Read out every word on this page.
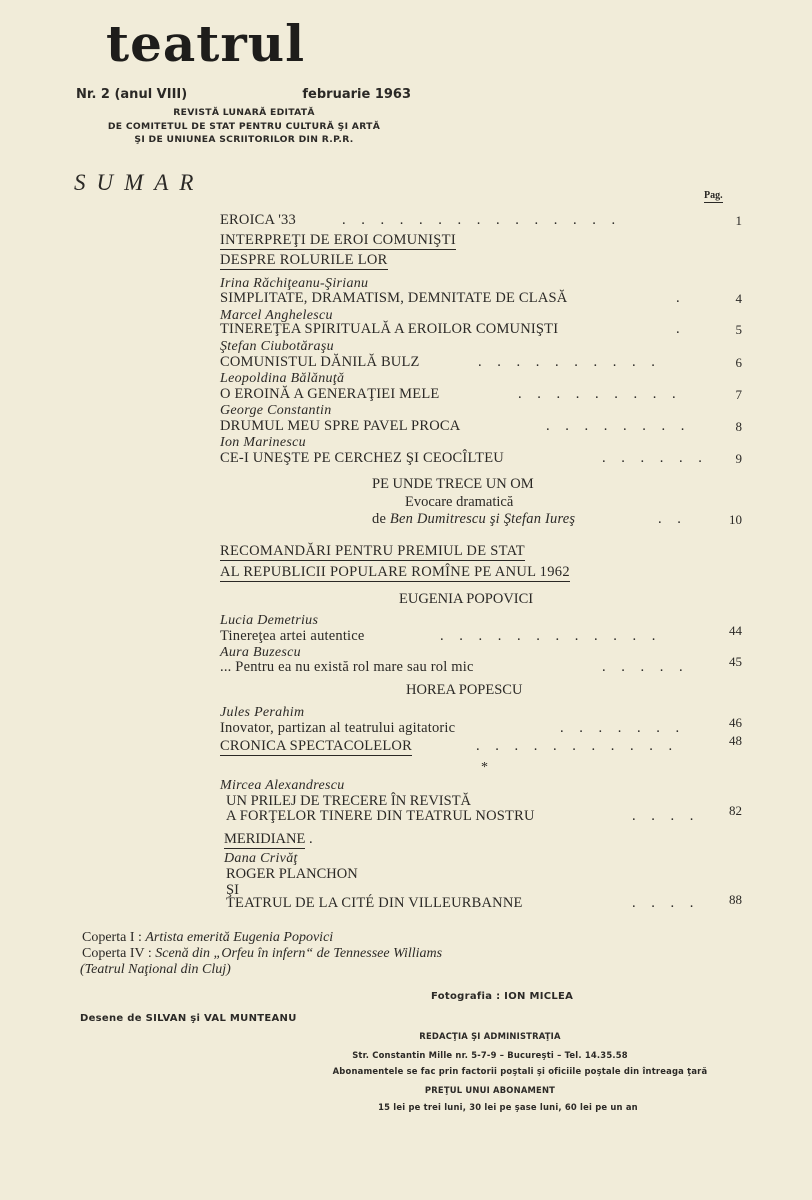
teatrul
Nr. 2 (anul VIII)	februarie 1963
REVISTĂ LUNARĂ EDITATĂ
DE COMITETUL DE STAT PENTRU CULTURĂ ŞI ARTĂ
ŞI DE UNIUNEA SCRIITORILOR DIN R.P.R.
SUMAR
Pag.
EROICA '33	. . . . . . . . . . . . . . .	1
INTERPREŢI DE EROI COMUNIŞTI
DESPRE ROLURILE LOR
Irina Răchiţeanu-Şirianu
SIMPLITATE, DRAMATISM, DEMNITATE DE CLASĂ	.	4
Marcel Anghelescu
TINEREŢEA SPIRITUALĂ A EROILOR COMUNIŞTI	.	5
Ştefan Ciubotăraşu
COMUNISTUL DĂNILĂ BULZ	. . . . . . . . . .	6
Leopoldina Bălănuţă
O EROINĂ A GENERAŢIEI MELE	. . . . . . . . .	7
George Constantin
DRUMUL MEU SPRE PAVEL PROCA	. . . . . . . .	8
Ion Marinescu
CE-I UNEŞTE PE CERCHEZ ŞI CEOCÎLTEU	. . . . . . 9
PE UNDE TRECE UN OM
Evocare dramatică
de Ben Dumitrescu şi Ştefan Iureş	. .	10
RECOMANDĂRI PENTRU PREMIUL DE STAT
AL REPUBLICII POPULARE ROMÎNE PE ANUL 1962
EUGENIA POPOVICI
Lucia Demetrius
Tinereţea artei autentice	. . . . . . . . . . . .	44
Aura Buzescu
... Pentru ea nu există rol mare sau rol mic	. . . . .	45
HOREA POPESCU
Jules Perahim
Inovator, partizan al teatrului agitatoric	. . . . . . .	46
CRONICA SPECTACOLELOR	. . . . . . . . . . .	48
*
Mircea Alexandrescu
UN PRILEJ DE TRECERE ÎN REVISTĂ
A FORŢELOR TINERE DIN TEATRUL NOSTRU	. . . . 82
MERIDIANE .
Dana Crivăţ
ROGER PLANCHON
ŞI
TEATRUL DE LA CITÉ DIN VILLEURBANNE	. . . . 88
Coperta I : Artista emerită Eugenia Popovici
Coperta IV : Scenă din „Orfeu în infern“ de Tennessee Williams
(Teatrul Naţional din Cluj)
Fotografia : ION MICLEA
Desene de SILVAN şi VAL MUNTEANU
REDACŢIA ŞI ADMINISTRAŢIA
Str. Constantin Mille nr. 5-7-9 – Bucureşti – Tel. 14.35.58
Abonamentele se fac prin factorii poştali şi oficiile poştale din întreaga ţară
PREŢUL UNUI ABONAMENT
15 lei pe trei luni, 30 lei pe şase luni, 60 lei pe un an
